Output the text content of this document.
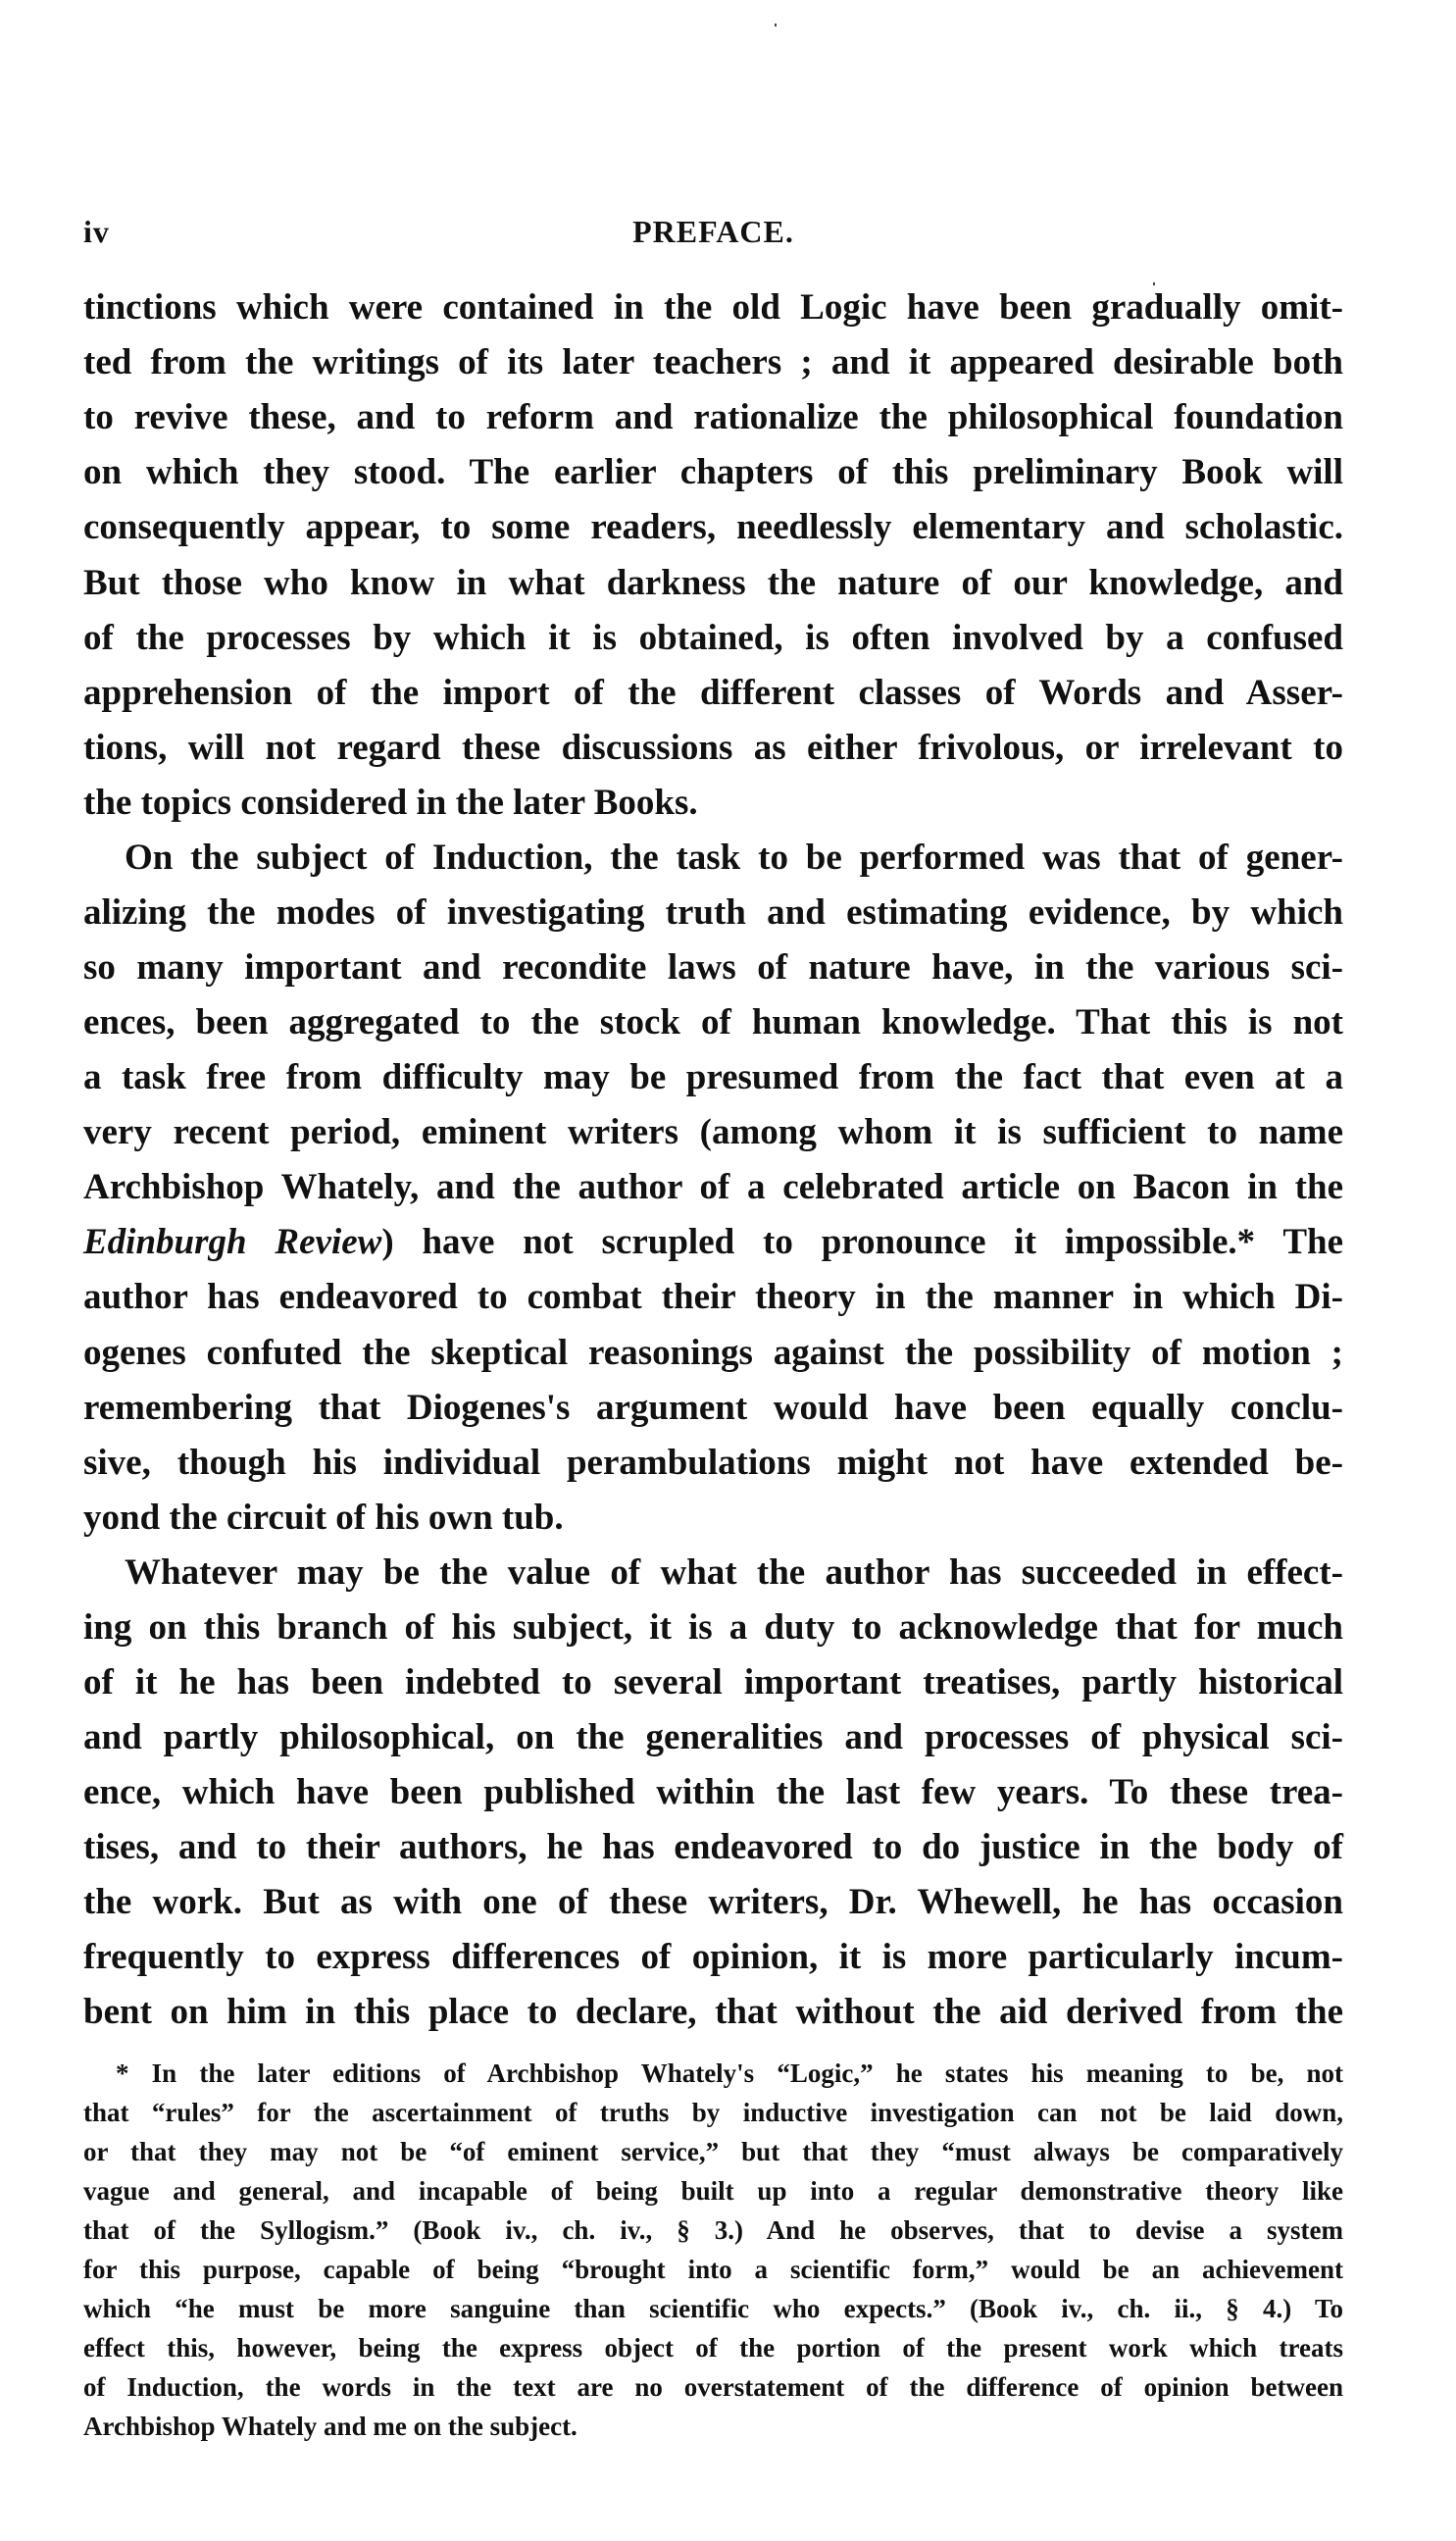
iv	PREFACE.
tinctions which were contained in the old Logic have been gradually omit-
ted from the writings of its later teachers ; and it appeared desirable both
to revive these, and to reform and rationalize the philosophical foundation
on which they stood. The earlier chapters of this preliminary Book will
consequently appear, to some readers, needlessly elementary and scholastic.
But those who know in what darkness the nature of our knowledge, and
of the processes by which it is obtained, is often involved by a confused
apprehension of the import of the different classes of Words and Asser-
tions, will not regard these discussions as either frivolous, or irrelevant to
the topics considered in the later Books.
On the subject of Induction, the task to be performed was that of gener-
alizing the modes of investigating truth and estimating evidence, by which
so many important and recondite laws of nature have, in the various sci-
ences, been aggregated to the stock of human knowledge. That this is not
a task free from difficulty may be presumed from the fact that even at a
very recent period, eminent writers (among whom it is sufficient to name
Archbishop Whately, and the author of a celebrated article on Bacon in the
Edinburgh Review) have not scrupled to pronounce it impossible.* The
author has endeavored to combat their theory in the manner in which Di-
ogenes confuted the skeptical reasonings against the possibility of motion ;
remembering that Diogenes's argument would have been equally conclu-
sive, though his individual perambulations might not have extended be-
yond the circuit of his own tub.
Whatever may be the value of what the author has succeeded in effect-
ing on this branch of his subject, it is a duty to acknowledge that for much
of it he has been indebted to several important treatises, partly historical
and partly philosophical, on the generalities and processes of physical sci-
ence, which have been published within the last few years. To these trea-
tises, and to their authors, he has endeavored to do justice in the body of
the work. But as with one of these writers, Dr. Whewell, he has occasion
frequently to express differences of opinion, it is more particularly incum-
bent on him in this place to declare, that without the aid derived from the
* In the later editions of Archbishop Whately's “Logic,” he states his meaning to be, not
that “rules” for the ascertainment of truths by inductive investigation can not be laid down,
or that they may not be “of eminent service,” but that they “must always be comparatively
vague and general, and incapable of being built up into a regular demonstrative theory like
that of the Syllogism.” (Book iv., ch. iv., § 3.) And he observes, that to devise a system
for this purpose, capable of being “brought into a scientific form,” would be an achievement
which “he must be more sanguine than scientific who expects.” (Book iv., ch. ii., § 4.) To
effect this, however, being the express object of the portion of the present work which treats
of Induction, the words in the text are no overstatement of the difference of opinion between
Archbishop Whately and me on the subject.
